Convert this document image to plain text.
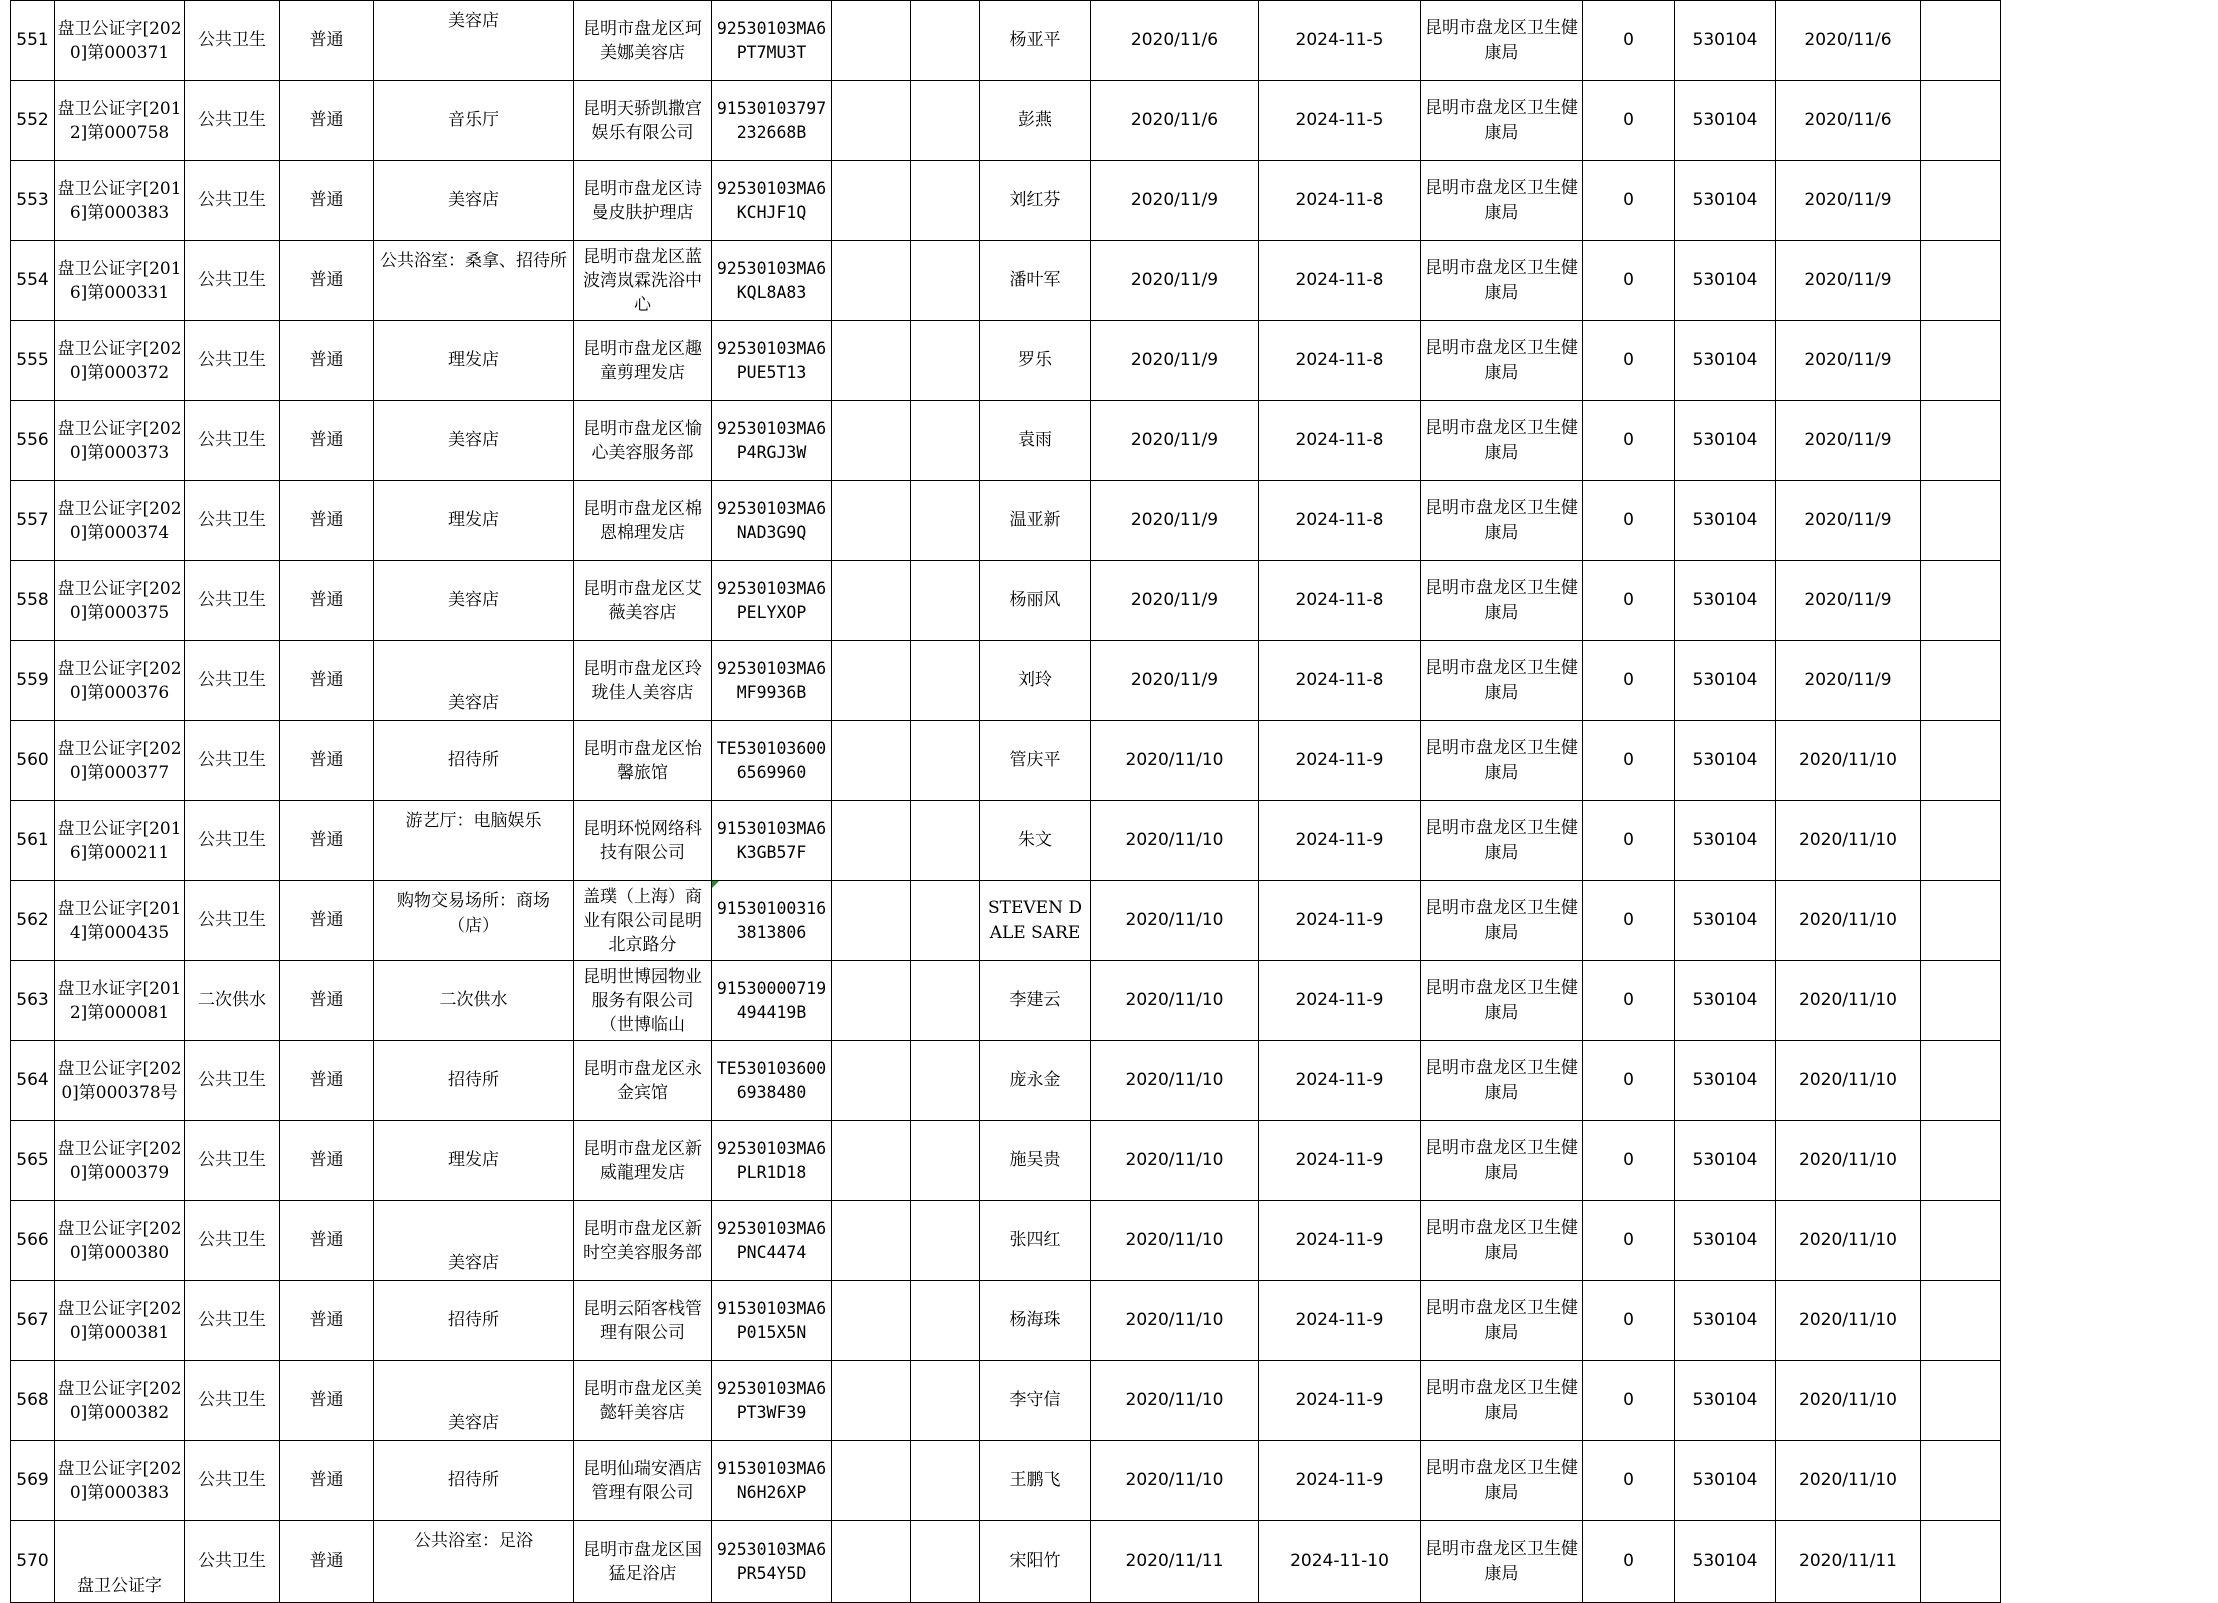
551	盘卫公证字[2020]第000371	公共卫生	普通	美容店	昆明市盘龙区珂美娜美容店	92530103MA6PT7MU3T			杨亚平	2020/11/6	2024-11-5	昆明市盘龙区卫生健康局	0	530104	2020/11/6	

552	盘卫公证字[2012]第000758	公共卫生	普通	音乐厅	昆明天骄凯撒宫娱乐有限公司	91530103797232668B			彭燕	2020/11/6	2024-11-5	昆明市盘龙区卫生健康局	0	530104	2020/11/6	

553	盘卫公证字[2016]第000383	公共卫生	普通	美容店	昆明市盘龙区诗曼皮肤护理店	92530103MA6KCHJF1Q			刘红芬	2020/11/9	2024-11-8	昆明市盘龙区卫生健康局	0	530104	2020/11/9	

554	盘卫公证字[2016]第000331	公共卫生	普通	公共浴室：桑拿、招待所	昆明市盘龙区蓝波湾岚霖洗浴中心	92530103MA6KQL8A83			潘叶军	2020/11/9	2024-11-8	昆明市盘龙区卫生健康局	0	530104	2020/11/9	

555	盘卫公证字[2020]第000372	公共卫生	普通	理发店	昆明市盘龙区趣童剪理发店	92530103MA6PUE5T13			罗乐	2020/11/9	2024-11-8	昆明市盘龙区卫生健康局	0	530104	2020/11/9	

556	盘卫公证字[2020]第000373	公共卫生	普通	美容店	昆明市盘龙区愉心美容服务部	92530103MA6P4RGJ3W			袁雨	2020/11/9	2024-11-8	昆明市盘龙区卫生健康局	0	530104	2020/11/9	

557	盘卫公证字[2020]第000374	公共卫生	普通	理发店	昆明市盘龙区棉恩棉理发店	92530103MA6NAD3G9Q			温亚新	2020/11/9	2024-11-8	昆明市盘龙区卫生健康局	0	530104	2020/11/9	

558	盘卫公证字[2020]第000375	公共卫生	普通	美容店	昆明市盘龙区艾薇美容店	92530103MA6PELYXOP			杨丽风	2020/11/9	2024-11-8	昆明市盘龙区卫生健康局	0	530104	2020/11/9	

559	盘卫公证字[2020]第000376	公共卫生	普通	美容店	昆明市盘龙区玲珑佳人美容店	92530103MA6MF9936B			刘玲	2020/11/9	2024-11-8	昆明市盘龙区卫生健康局	0	530104	2020/11/9	

560	盘卫公证字[2020]第000377	公共卫生	普通	招待所	昆明市盘龙区怡馨旅馆	TE5301036006569960			管庆平	2020/11/10	2024-11-9	昆明市盘龙区卫生健康局	0	530104	2020/11/10	

561	盘卫公证字[2016]第000211	公共卫生	普通	游艺厅：电脑娱乐	昆明环悦网络科技有限公司	91530103MA6K3GB57F			朱文	2020/11/10	2024-11-9	昆明市盘龙区卫生健康局	0	530104	2020/11/10	

562	盘卫公证字[2014]第000435	公共卫生	普通	购物交易场所：商场（店）	盖璞（上海）商业有限公司昆明北京路分	915301003163813806			STEVEN DALE SARE	2020/11/10	2024-11-9	昆明市盘龙区卫生健康局	0	530104	2020/11/10	

563	盘卫水证字[2012]第000081	二次供水	普通	二次供水	昆明世博园物业服务有限公司（世博临山	91530000719494419B			李建云	2020/11/10	2024-11-9	昆明市盘龙区卫生健康局	0	530104	2020/11/10	

564	盘卫公证字[2020]第000378号	公共卫生	普通	招待所	昆明市盘龙区永金宾馆	TE5301036006938480			庞永金	2020/11/10	2024-11-9	昆明市盘龙区卫生健康局	0	530104	2020/11/10	

565	盘卫公证字[2020]第000379	公共卫生	普通	理发店	昆明市盘龙区新威龍理发店	92530103MA6PLR1D18			施吴贵	2020/11/10	2024-11-9	昆明市盘龙区卫生健康局	0	530104	2020/11/10	

566	盘卫公证字[2020]第000380	公共卫生	普通	美容店	昆明市盘龙区新时空美容服务部	92530103MA6PNC4474			张四红	2020/11/10	2024-11-9	昆明市盘龙区卫生健康局	0	530104	2020/11/10	

567	盘卫公证字[2020]第000381	公共卫生	普通	招待所	昆明云陌客栈管理有限公司	91530103MA6P015X5N			杨海珠	2020/11/10	2024-11-9	昆明市盘龙区卫生健康局	0	530104	2020/11/10	

568	盘卫公证字[2020]第000382	公共卫生	普通	美容店	昆明市盘龙区美懿轩美容店	92530103MA6PT3WF39			李守信	2020/11/10	2024-11-9	昆明市盘龙区卫生健康局	0	530104	2020/11/10	

569	盘卫公证字[2020]第000383	公共卫生	普通	招待所	昆明仙瑞安酒店管理有限公司	91530103MA6N6H26XP			王鹏飞	2020/11/10	2024-11-9	昆明市盘龙区卫生健康局	0	530104	2020/11/10	

570	盘卫公证字	公共卫生	普通	公共浴室：足浴	昆明市盘龙区国猛足浴店	92530103MA6PR54Y5D			宋阳竹	2020/11/11	2024-11-10	昆明市盘龙区卫生健康局	0	530104	2020/11/11	
